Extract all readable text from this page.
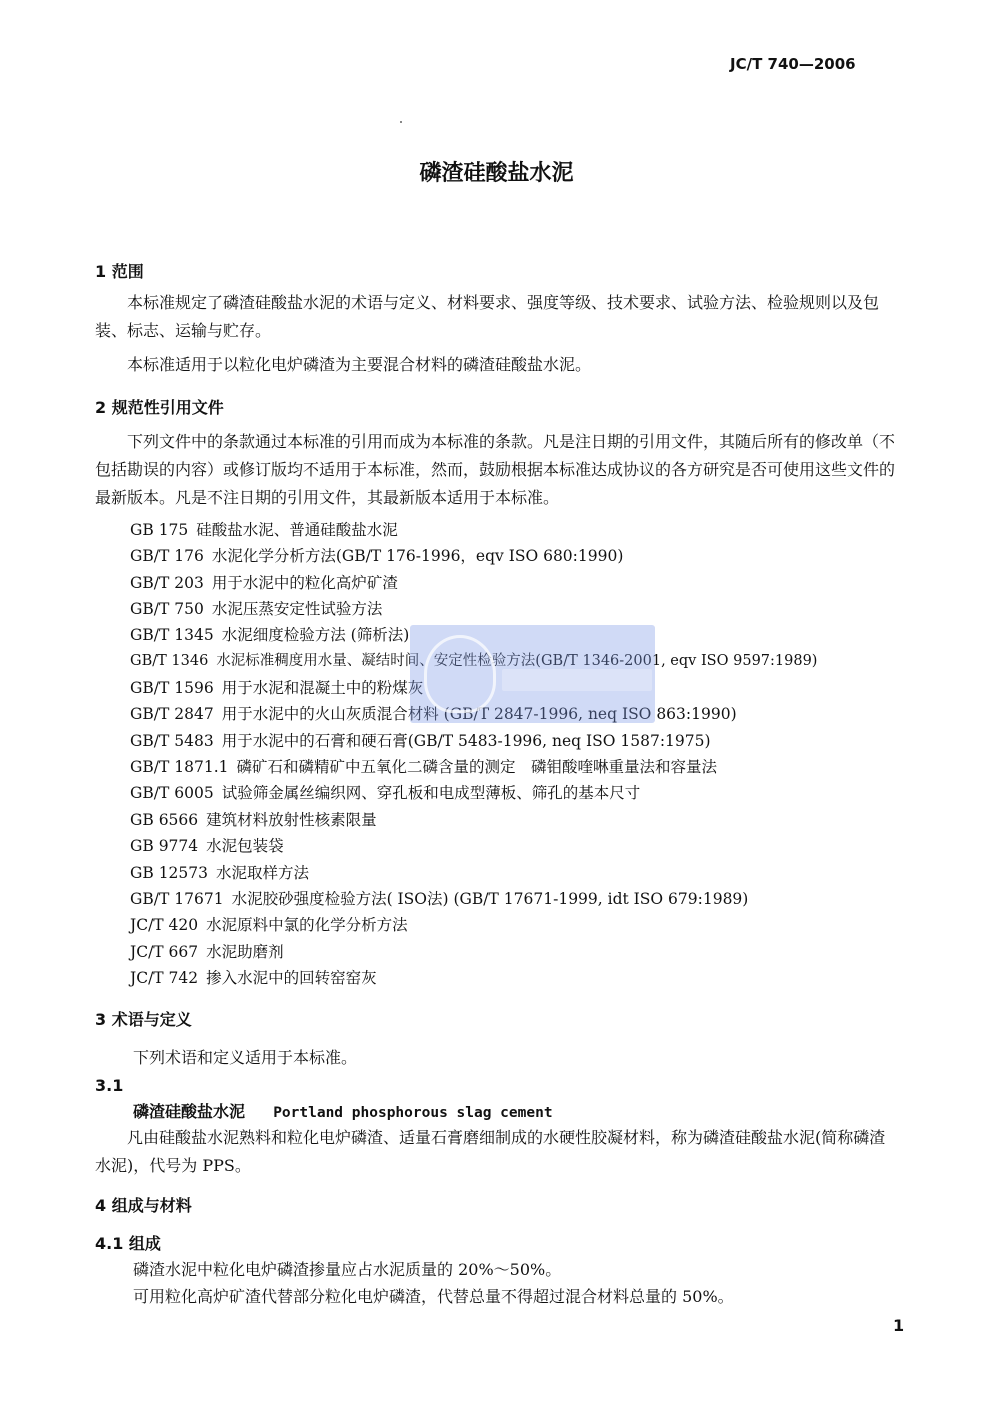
JC/T 740—2006
磷渣硅酸盐水泥
1 范围
本标准规定了磷渣硅酸盐水泥的术语与定义、材料要求、强度等级、技术要求、试验方法、检验规则以及包装、标志、运输与贮存。
本标准适用于以粒化电炉磷渣为主要混合材料的磷渣硅酸盐水泥。
2 规范性引用文件
下列文件中的条款通过本标准的引用而成为本标准的条款。凡是注日期的引用文件，其随后所有的修改单（不包括勘误的内容）或修订版均不适用于本标准，然而，鼓励根据本标准达成协议的各方研究是否可使用这些文件的最新版本。凡是不注日期的引用文件，其最新版本适用于本标准。
GB 175 硅酸盐水泥、普通硅酸盐水泥
GB/T 176 水泥化学分析方法(GB/T 176-1996，eqv ISO 680:1990)
GB/T 203 用于水泥中的粒化高炉矿渣
GB/T 750 水泥压蒸安定性试验方法
GB/T 1345 水泥细度检验方法 (筛析法)
GB/T 1346 水泥标准稠度用水量、凝结时间、安定性检验方法(GB/T 1346-2001, eqv ISO 9597:1989)
GB/T 1596 用于水泥和混凝土中的粉煤灰
GB/T 2847 用于水泥中的火山灰质混合材料 (GB/T 2847-1996, neq ISO 863:1990)
GB/T 5483 用于水泥中的石膏和硬石膏(GB/T 5483-1996, neq ISO 1587:1975)
GB/T 1871.1 磷矿石和磷精矿中五氧化二磷含量的测定　磷钼酸喹啉重量法和容量法
GB/T 6005 试验筛金属丝编织网、穿孔板和电成型薄板、筛孔的基本尺寸
GB 6566 建筑材料放射性核素限量
GB 9774 水泥包装袋
GB 12573 水泥取样方法
GB/T 17671 水泥胶砂强度检验方法( ISO法) (GB/T 17671-1999, idt ISO 679:1989)
JC/T 420 水泥原料中氯的化学分析方法
JC/T 667 水泥助磨剂
JC/T 742 掺入水泥中的回转窑窑灰
3 术语与定义
下列术语和定义适用于本标准。
3.1
磷渣硅酸盐水泥 Portland phosphorous slag cement
凡由硅酸盐水泥熟料和粒化电炉磷渣、适量石膏磨细制成的水硬性胶凝材料，称为磷渣硅酸盐水泥(简称磷渣水泥)，代号为 PPS。
4 组成与材料
4.1 组成
磷渣水泥中粒化电炉磷渣掺量应占水泥质量的 20%～50%。
可用粒化高炉矿渣代替部分粒化电炉磷渣，代替总量不得超过混合材料总量的 50%。
1
